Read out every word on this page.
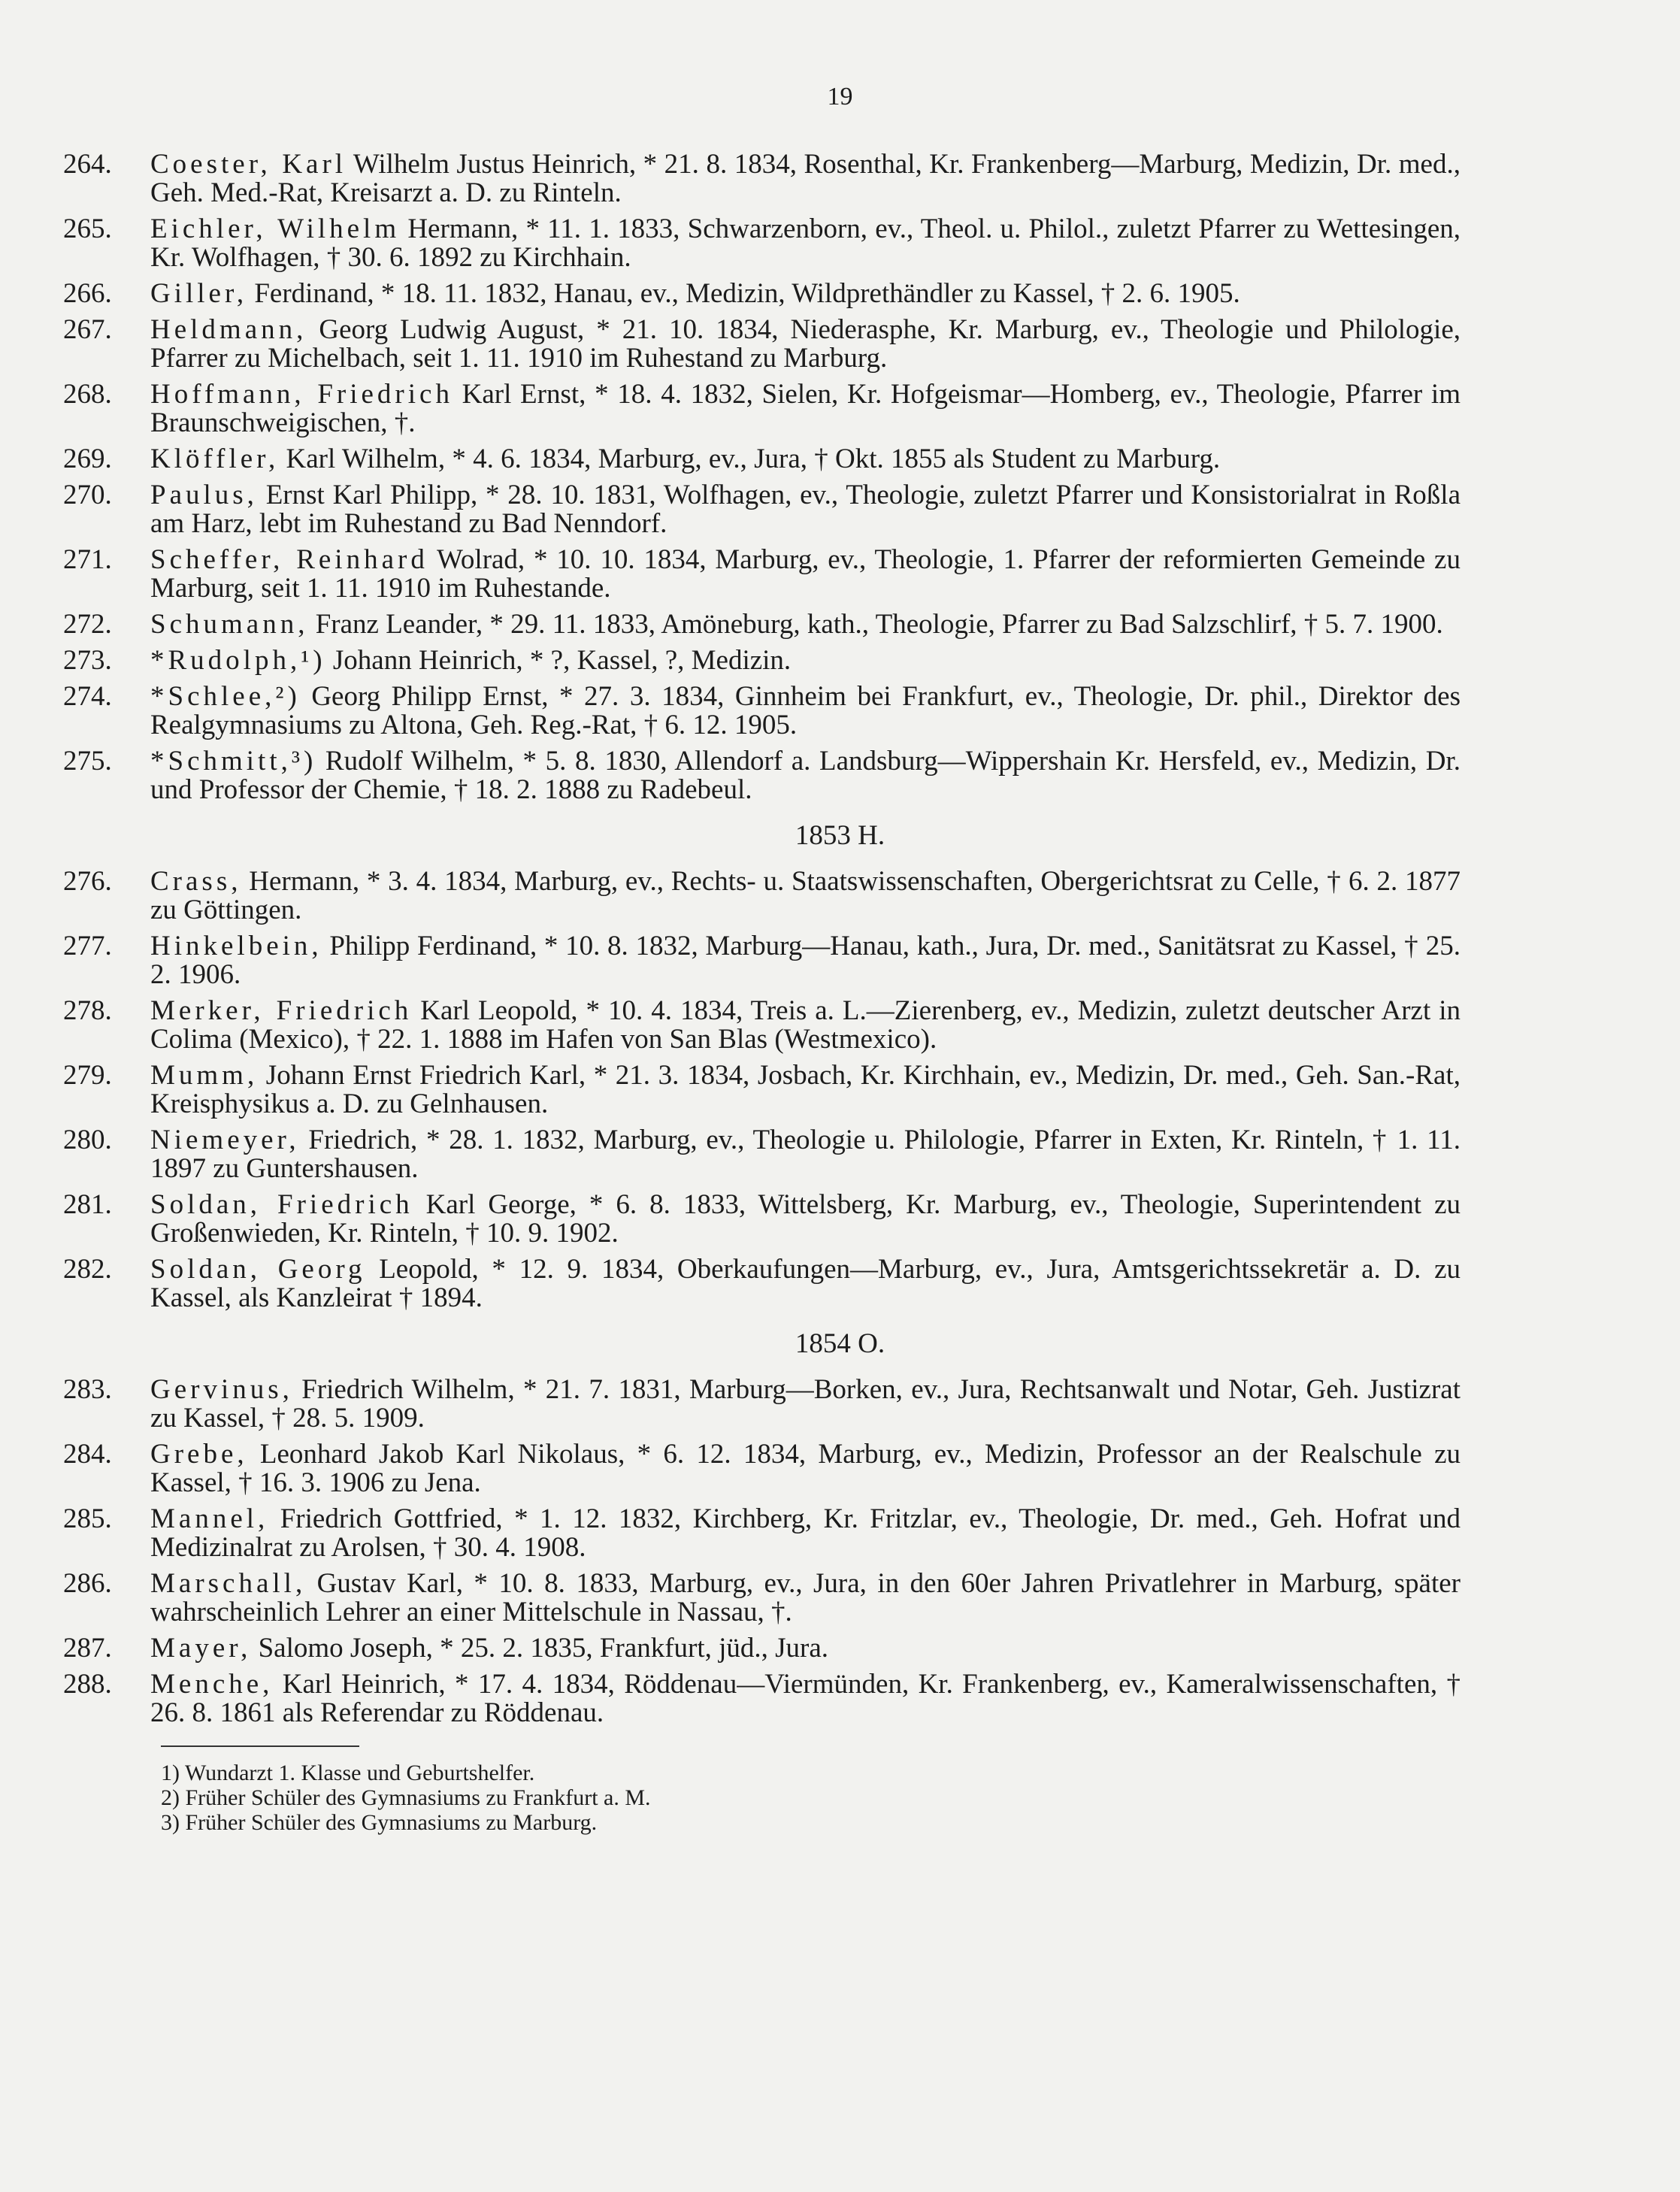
19
264. Coester, Karl Wilhelm Justus Heinrich, * 21. 8. 1834, Rosenthal, Kr. Frankenberg—Marburg, Medizin, Dr. med., Geh. Med.-Rat, Kreisarzt a. D. zu Rinteln.
265. Eichler, Wilhelm Hermann, * 11. 1. 1833, Schwarzenborn, ev., Theol. u. Philol., zuletzt Pfarrer zu Wettesingen, Kr. Wolfhagen, † 30. 6. 1892 zu Kirchhain.
266. Giller, Ferdinand, * 18. 11. 1832, Hanau, ev., Medizin, Wildprethändler zu Kassel, † 2. 6. 1905.
267. Heldmann, Georg Ludwig August, * 21. 10. 1834, Niederasphe, Kr. Marburg, ev., Theologie und Philologie, Pfarrer zu Michelbach, seit 1. 11. 1910 im Ruhestand zu Marburg.
268. Hoffmann, Friedrich Karl Ernst, * 18. 4. 1832, Sielen, Kr. Hofgeismar—Homberg, ev., Theologie, Pfarrer im Braunschweigischen, †.
269. Klöffler, Karl Wilhelm, * 4. 6. 1834, Marburg, ev., Jura, † Okt. 1855 als Student zu Marburg.
270. Paulus, Ernst Karl Philipp, * 28. 10. 1831, Wolfhagen, ev., Theologie, zuletzt Pfarrer und Konsistorialrat in Roßla am Harz, lebt im Ruhestand zu Bad Nenndorf.
271. Scheffer, Reinhard Wolrad, * 10. 10. 1834, Marburg, ev., Theologie, 1. Pfarrer der reformierten Gemeinde zu Marburg, seit 1. 11. 1910 im Ruhestande.
272. Schumann, Franz Leander, * 29. 11. 1833, Amöneburg, kath., Theologie, Pfarrer zu Bad Salzschlirf, † 5. 7. 1900.
273. *Rudolph,¹) Johann Heinrich, * ?, Kassel, ?, Medizin.
274. *Schlee,²) Georg Philipp Ernst, * 27. 3. 1834, Ginnheim bei Frankfurt, ev., Theologie, Dr. phil., Direktor des Realgymnasiums zu Altona, Geh. Reg.-Rat, † 6. 12. 1905.
275. *Schmitt,³) Rudolf Wilhelm, * 5. 8. 1830, Allendorf a. Landsburg—Wippershain Kr. Hersfeld, ev., Medizin, Dr. und Professor der Chemie, † 18. 2. 1888 zu Radebeul.
1853 H.
276. Crass, Hermann, * 3. 4. 1834, Marburg, ev., Rechts- u. Staatswissenschaften, Obergerichtsrat zu Celle, † 6. 2. 1877 zu Göttingen.
277. Hinkelbein, Philipp Ferdinand, * 10. 8. 1832, Marburg—Hanau, kath., Jura, Dr. med., Sanitätsrat zu Kassel, † 25. 2. 1906.
278. Merker, Friedrich Karl Leopold, * 10. 4. 1834, Treis a. L.—Zierenberg, ev., Medizin, zuletzt deutscher Arzt in Colima (Mexico), † 22. 1. 1888 im Hafen von San Blas (Westmexico).
279. Mumm, Johann Ernst Friedrich Karl, * 21. 3. 1834, Josbach, Kr. Kirchhain, ev., Medizin, Dr. med., Geh. San.-Rat, Kreisphysikus a. D. zu Gelnhausen.
280. Niemeyer, Friedrich, * 28. 1. 1832, Marburg, ev., Theologie u. Philologie, Pfarrer in Exten, Kr. Rinteln, † 1. 11. 1897 zu Guntershausen.
281. Soldan, Friedrich Karl George, * 6. 8. 1833, Wittelsberg, Kr. Marburg, ev., Theologie, Superintendent zu Großenwieden, Kr. Rinteln, † 10. 9. 1902.
282. Soldan, Georg Leopold, * 12. 9. 1834, Oberkaufungen—Marburg, ev., Jura, Amtsgerichtssekretär a. D. zu Kassel, als Kanzleirat † 1894.
1854 O.
283. Gervinus, Friedrich Wilhelm, * 21. 7. 1831, Marburg—Borken, ev., Jura, Rechtsanwalt und Notar, Geh. Justizrat zu Kassel, † 28. 5. 1909.
284. Grebe, Leonhard Jakob Karl Nikolaus, * 6. 12. 1834, Marburg, ev., Medizin, Professor an der Realschule zu Kassel, † 16. 3. 1906 zu Jena.
285. Mannel, Friedrich Gottfried, * 1. 12. 1832, Kirchberg, Kr. Fritzlar, ev., Theologie, Dr. med., Geh. Hofrat und Medizinalrat zu Arolsen, † 30. 4. 1908.
286. Marschall, Gustav Karl, * 10. 8. 1833, Marburg, ev., Jura, in den 60er Jahren Privatlehrer in Marburg, später wahrscheinlich Lehrer an einer Mittelschule in Nassau, †.
287. Mayer, Salomo Joseph, * 25. 2. 1835, Frankfurt, jüd., Jura.
288. Menche, Karl Heinrich, * 17. 4. 1834, Röddenau—Viermünden, Kr. Frankenberg, ev., Kameralwissenschaften, † 26. 8. 1861 als Referendar zu Röddenau.
1) Wundarzt 1. Klasse und Geburtshelfer.
2) Früher Schüler des Gymnasiums zu Frankfurt a. M.
3) Früher Schüler des Gymnasiums zu Marburg.
